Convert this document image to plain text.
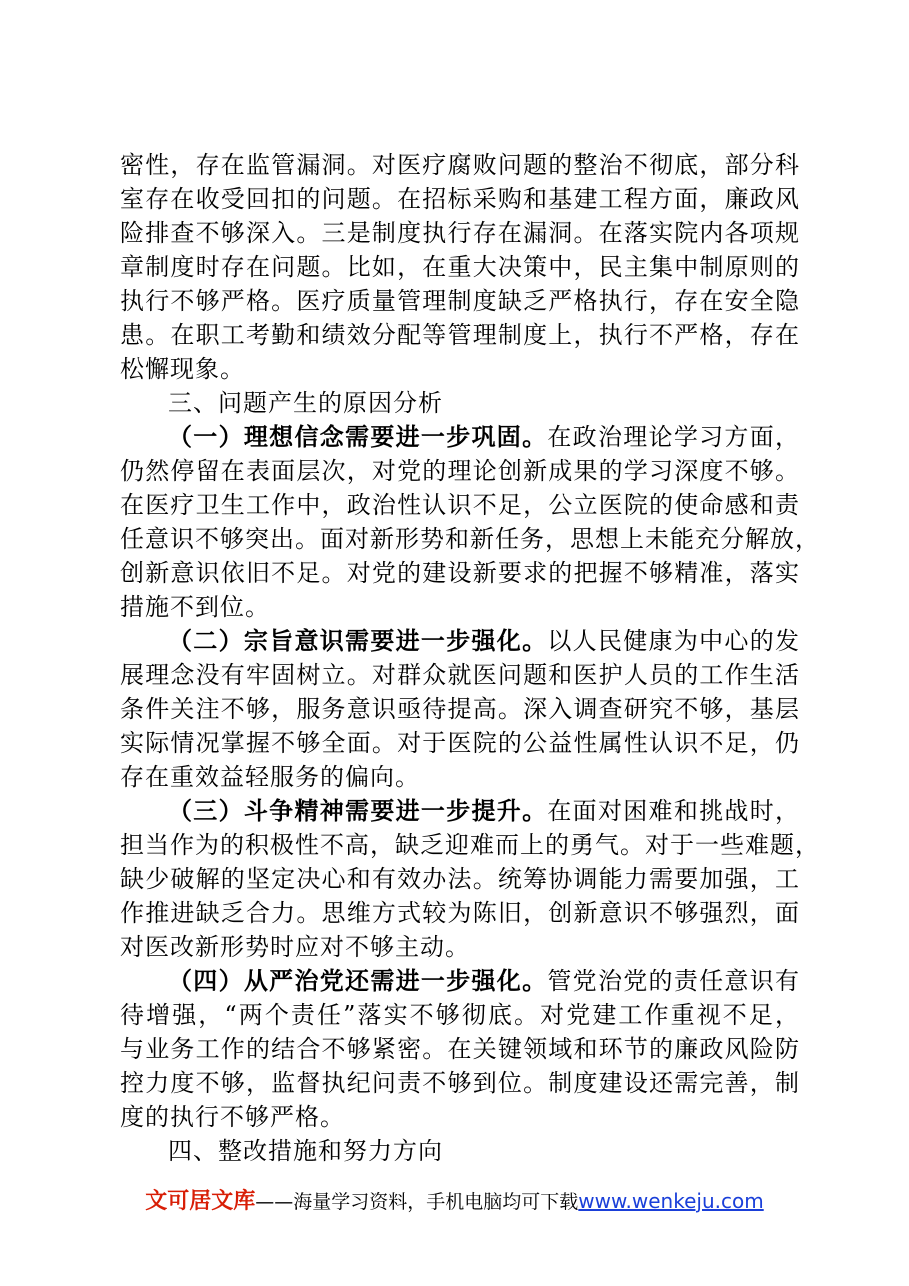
密性，存在监管漏洞。对医疗腐败问题的整治不彻底，部分科
室存在收受回扣的问题。在招标采购和基建工程方面，廉政风
险排查不够深入。三是制度执行存在漏洞。在落实院内各项规
章制度时存在问题。比如，在重大决策中，民主集中制原则的
执行不够严格。医疗质量管理制度缺乏严格执行，存在安全隐
患。在职工考勤和绩效分配等管理制度上，执行不严格，存在
松懈现象。
三、问题产生的原因分析
（一）理想信念需要进一步巩固。在政治理论学习方面，
仍然停留在表面层次，对党的理论创新成果的学习深度不够。
在医疗卫生工作中，政治性认识不足，公立医院的使命感和责
任意识不够突出。面对新形势和新任务，思想上未能充分解放，
创新意识依旧不足。对党的建设新要求的把握不够精准，落实
措施不到位。
（二）宗旨意识需要进一步强化。以人民健康为中心的发
展理念没有牢固树立。对群众就医问题和医护人员的工作生活
条件关注不够，服务意识亟待提高。深入调查研究不够，基层
实际情况掌握不够全面。对于医院的公益性属性认识不足，仍
存在重效益轻服务的偏向。
（三）斗争精神需要进一步提升。在面对困难和挑战时，
担当作为的积极性不高，缺乏迎难而上的勇气。对于一些难题，
缺少破解的坚定决心和有效办法。统筹协调能力需要加强，工
作推进缺乏合力。思维方式较为陈旧，创新意识不够强烈，面
对医改新形势时应对不够主动。
（四）从严治党还需进一步强化。管党治党的责任意识有
待增强，“两个责任”落实不够彻底。对党建工作重视不足，
与业务工作的结合不够紧密。在关键领域和环节的廉政风险防
控力度不够，监督执纪问责不够到位。制度建设还需完善，制
度的执行不够严格。
四、整改措施和努力方向
文可居文库——海量学习资料，手机电脑均可下载www.wenkeju.com
